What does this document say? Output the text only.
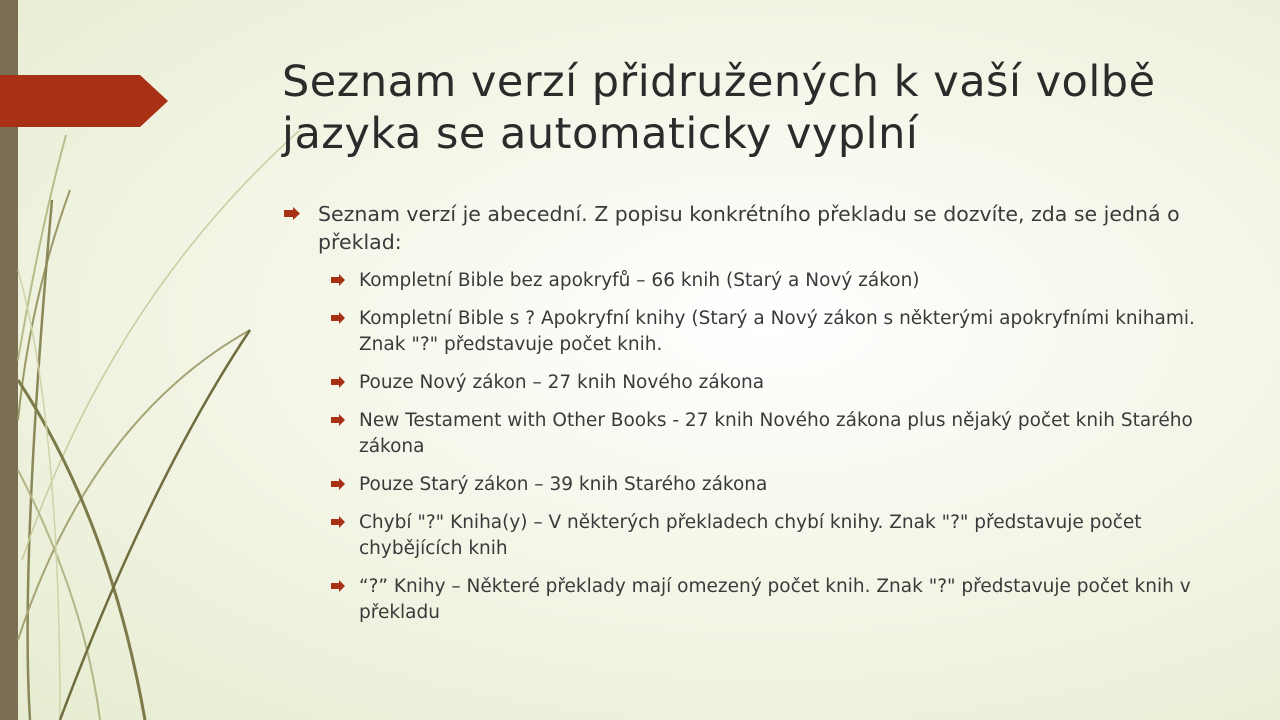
Seznam verzí přidružených k vaší volbě jazyka se automaticky vyplní
Seznam verzí je abecední. Z popisu konkrétního překladu se dozvíte, zda se jedná o překlad:
Kompletní Bible bez apokryfů – 66 knih (Starý a Nový zákon)
Kompletní Bible s ? Apokryfní knihy (Starý a Nový zákon s některými apokryfními knihami. Znak "?" představuje počet knih.
Pouze Nový zákon – 27 knih Nového zákona
New Testament with Other Books - 27 knih Nového zákona plus nějaký počet knih Starého zákona
Pouze Starý zákon – 39 knih Starého zákona
Chybí "?" Kniha(y) – V některých překladech chybí knihy. Znak "?" představuje počet chybějících knih
“?” Knihy – Některé překlady mají omezený počet knih. Znak "?" představuje počet knih v překladu
